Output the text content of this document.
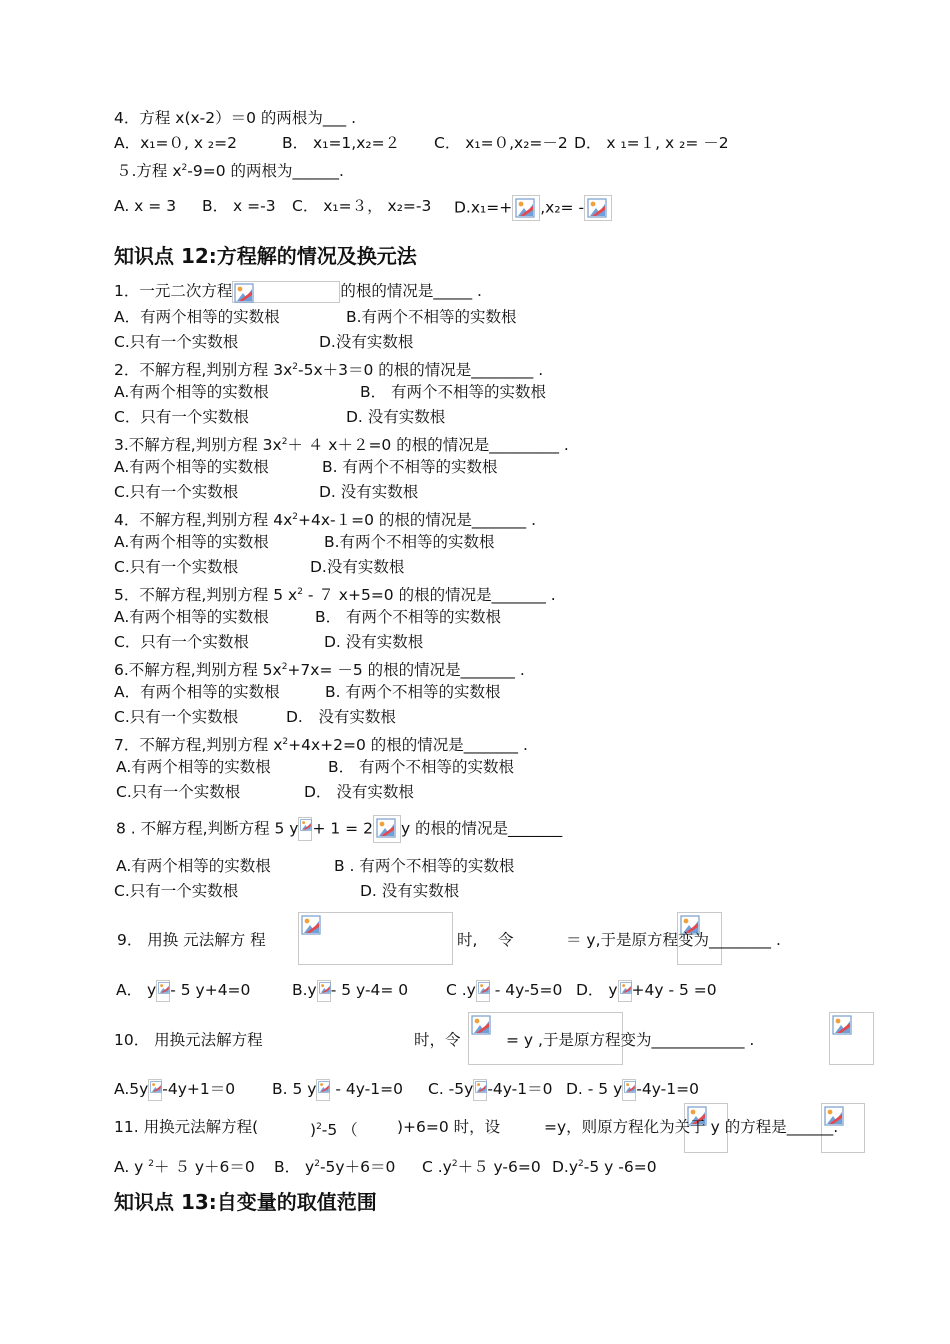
4．方程 x(x-2）＝0 的两根为___ .
A．x₁=０, x ₂=2	B． x₁=1,x₂=２ C． x₁=０,x₂=－2 D． x ₁=１, x ₂= －2
５.方程 $x^2-9=0$ 的两根为______.
A. x = 3 B． x =-3 C． x₁=３， x₂=-3 D.x₁=+ ,x₂= -
知识点 12:方程解的情况及换元法
1．一元二次方程	的根的情况是_____ .
A．有两个相等的实数根	B.有两个不相等的实数根
C.只有一个实数根	D.没有实数根
2．不解方程,判别方程 $3x^2-5x+3=0$ 的根的情况是________ .
A.有两个相等的实数根	B． 有两个不相等的实数根
C．只有一个实数根	D. 没有实数根
3.不解方程,判别方程 $3x^2+ 4$ x＋２=0 的根的情况是_________ .
A.有两个相等的实数根	B. 有两个不相等的实数根
C.只有一个实数根	D. 没有实数根
4．不解方程,判别方程 $4x^2+4x-1=0$ 的根的情况是_______ .
A.有两个相等的实数根	B.有两个不相等的实数根
C.只有一个实数根	D.没有实数根
5．不解方程,判别方程 5 $x^2 - 7$ x+5=0 的根的情况是_______ .
A.有两个相等的实数根	B． 有两个不相等的实数根
C．只有一个实数根	D. 没有实数根
6.不解方程,判别方程 $5x^2+7x= -5$ 的根的情况是_______ .
A．有两个相等的实数根	B. 有两个不相等的实数根
C.只有一个实数根	D.　没有实数根
7．不解方程,判别方程 $x^2+4x+2=0$ 的根的情况是_______ .
A.有两个相等的实数根	B． 有两个不相等的实数根
C.只有一个实数根	D． 没有实数根
8 . 不解方程,判断方程 5 y + 1 = 2 y 的根的情况是_______
A.有两个相等的实数根	B . 有两个不相等的实数根
C.只有一个实数根	D. 没有实数根
9． 用换 元法解方 程
	时, 令
	＝ y,于是原方程变为________ .
A． y - 5 y+4=0	B.y - 5 y-4= 0 C .y
- 4y-5=0 D． y +4y - 5 =0
10． 用换元法解方程
	时，令
	= y ,于是原方程变为____________ .
A.5y -4y+1＝0 B. 5 y
- 4y-1=0 C. -5y -4y-1＝0 D. - 5 y -4y-1=0
11. 用换元法解方程(
	)$^2$-5 （
	)+6=0 时，设	=y，则原方程化为关于 y 的方程是______.
A. y $^2$＋ ５ y＋6＝0 B． $y^2-5y+6=0$ C $.y^2+5$ y-6=0 $D.y^2-5$ y -6=0
知识点 13:自变量的取值范围
